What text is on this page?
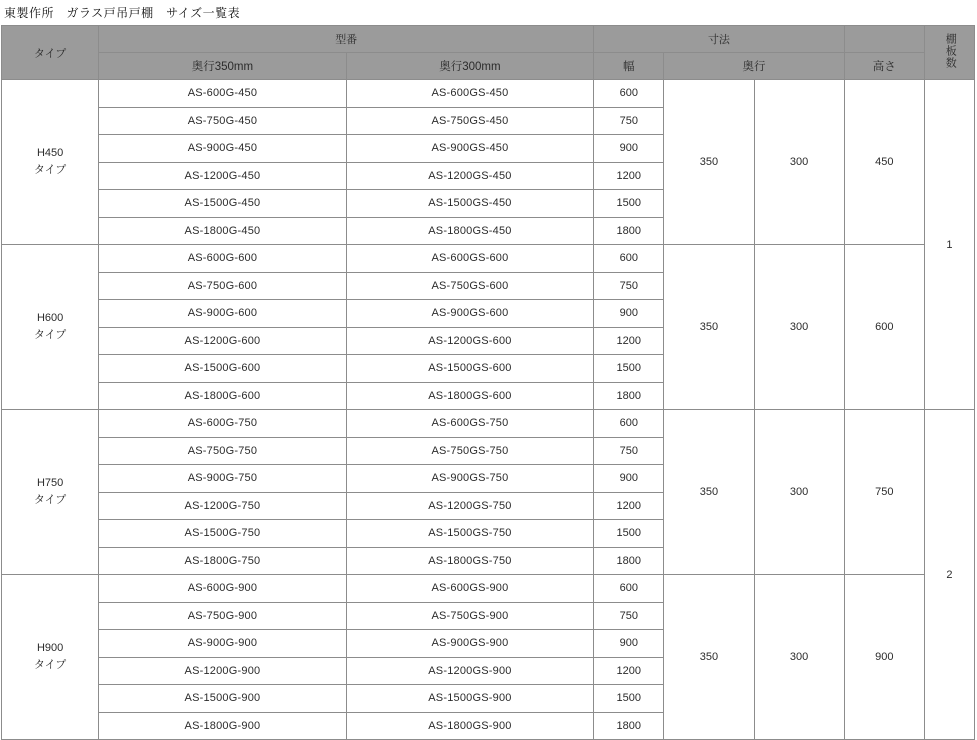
東製作所　ガラス戸吊戸棚　サイズ一覧表
タイプ	型番		寸法				棚板数
	奥行350mm	奥行300mm	幅	奥行		高さ	

H450
タイプ	AS-600G-450	AS-600GS-450	600	350	300	450	1
	AS-750G-450	AS-750GS-450	750				
	AS-900G-450	AS-900GS-450	900				
	AS-1200G-450	AS-1200GS-450	1200				
	AS-1500G-450	AS-1500GS-450	1500				
	AS-1800G-450	AS-1800GS-450	1800				

H600
タイプ	AS-600G-600	AS-600GS-600	600	350	300	600	
	AS-750G-600	AS-750GS-600	750				
	AS-900G-600	AS-900GS-600	900				
	AS-1200G-600	AS-1200GS-600	1200				
	AS-1500G-600	AS-1500GS-600	1500				
	AS-1800G-600	AS-1800GS-600	1800				

H750
タイプ	AS-600G-750	AS-600GS-750	600	350	300	750	2
	AS-750G-750	AS-750GS-750	750				
	AS-900G-750	AS-900GS-750	900				
	AS-1200G-750	AS-1200GS-750	1200				
	AS-1500G-750	AS-1500GS-750	1500				
	AS-1800G-750	AS-1800GS-750	1800				

H900
タイプ	AS-600G-900	AS-600GS-900	600	350	300	900	
	AS-750G-900	AS-750GS-900	750				
	AS-900G-900	AS-900GS-900	900				
	AS-1200G-900	AS-1200GS-900	1200				
	AS-1500G-900	AS-1500GS-900	1500				
	AS-1800G-900	AS-1800GS-900	1800				
